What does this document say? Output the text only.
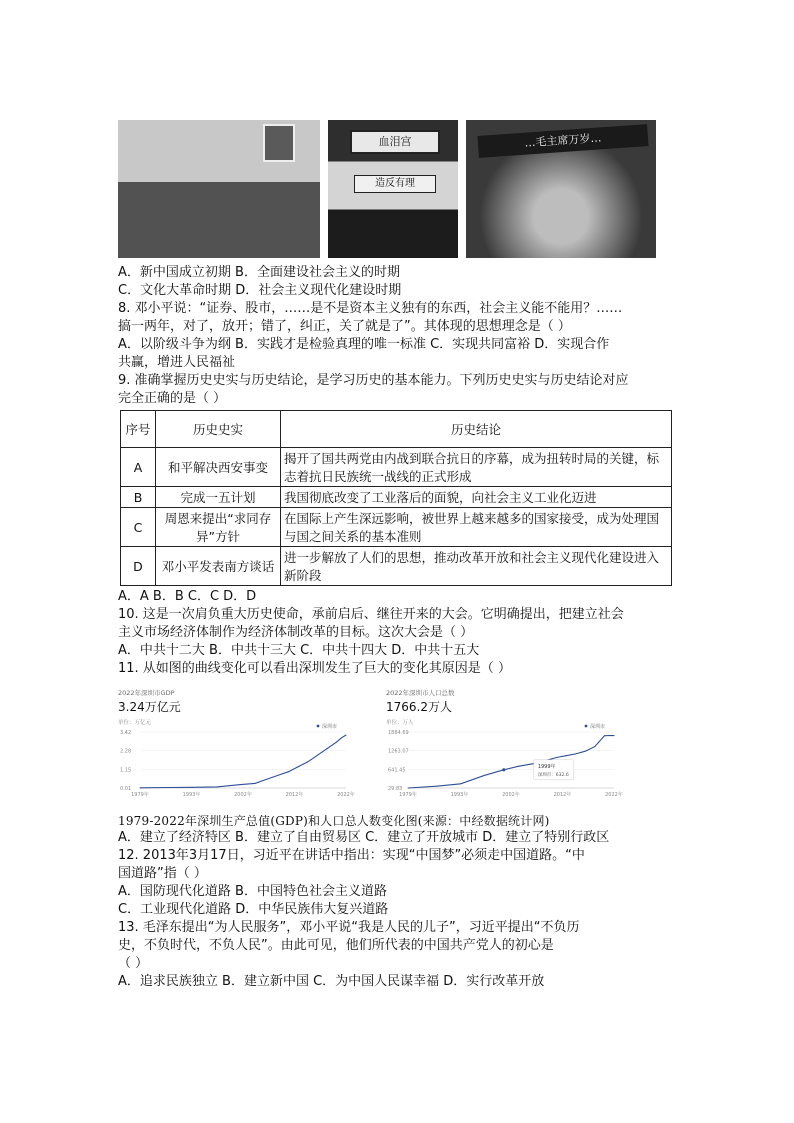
血泪宫
造反有理
…毛主席万岁…
A．新中国成立初期 B．全面建设社会主义的时期
C．文化大革命时期 D．社会主义现代化建设时期
8. 邓小平说：“证券、股市，……是不是资本主义独有的东西，社会主义能不能用？……
搞一两年，对了，放开；错了，纠正，关了就是了”。其体现的思想理念是（ ）
A．以阶级斗争为纲 B．实践才是检验真理的唯一标准 C．实现共同富裕 D．实现合作
共赢，增进人民福祉
9. 准确掌握历史史实与历史结论，是学习历史的基本能力。下列历史史实与历史结论对应
完全正确的是（ ）
序号	历史史实	历史结论
A	和平解决西安事变	揭开了国共两党由内战到联合抗日的序幕，成为扭转时局的关键，标志着抗日民族统一战线的正式形成
B	完成一五计划	我国彻底改变了工业落后的面貌，向社会主义工业化迈进
C	周恩来提出“求同存异”方针	在国际上产生深远影响，被世界上越来越多的国家接受，成为处理国与国之间关系的基本准则
D	邓小平发表南方谈话	进一步解放了人们的思想，推动改革开放和社会主义现代化建设进入新阶段
A．A B．B C．C D．D
10. 这是一次肩负重大历史使命，承前启后、继往开来的大会。它明确提出，把建立社会
主义市场经济体制作为经济体制改革的目标。这次大会是（ ）
A．中共十二大 B．中共十三大 C．中共十四大 D．中共十五大
11. 从如图的曲线变化可以看出深圳发生了巨大的变化其原因是（ ）
3.42
2.28
1.15
0.01
1979年	1993年	2002年	2012年	2022年
深圳市
2022年深圳市GDP
3.24万亿元
单位：万亿元
1884.69
1263.07
641.45
29.83
1979年	1993年	2002年	2012年	2022年
深圳市
1999年
深圳市：632.6
2022年深圳市人口总数
1766.2万人
单位：万人
1979-2022年深圳生产总值(GDP)和人口总人数变化图(来源：中经数据统计网)
A．建立了经济特区 B．建立了自由贸易区 C．建立了开放城市 D．建立了特别行政区
12. 2013年3月17日，习近平在讲话中指出：实现“中国梦”必须走中国道路。“中
国道路”指（ ）
A．国防现代化道路 B．中国特色社会主义道路
C．工业现代化道路 D．中华民族伟大复兴道路
13. 毛泽东提出“为人民服务”，邓小平说“我是人民的儿子”，习近平提出“不负历
史，不负时代，不负人民”。由此可见，他们所代表的中国共产党人的初心是
（ ）
A．追求民族独立 B．建立新中国 C．为中国人民谋幸福 D．实行改革开放
